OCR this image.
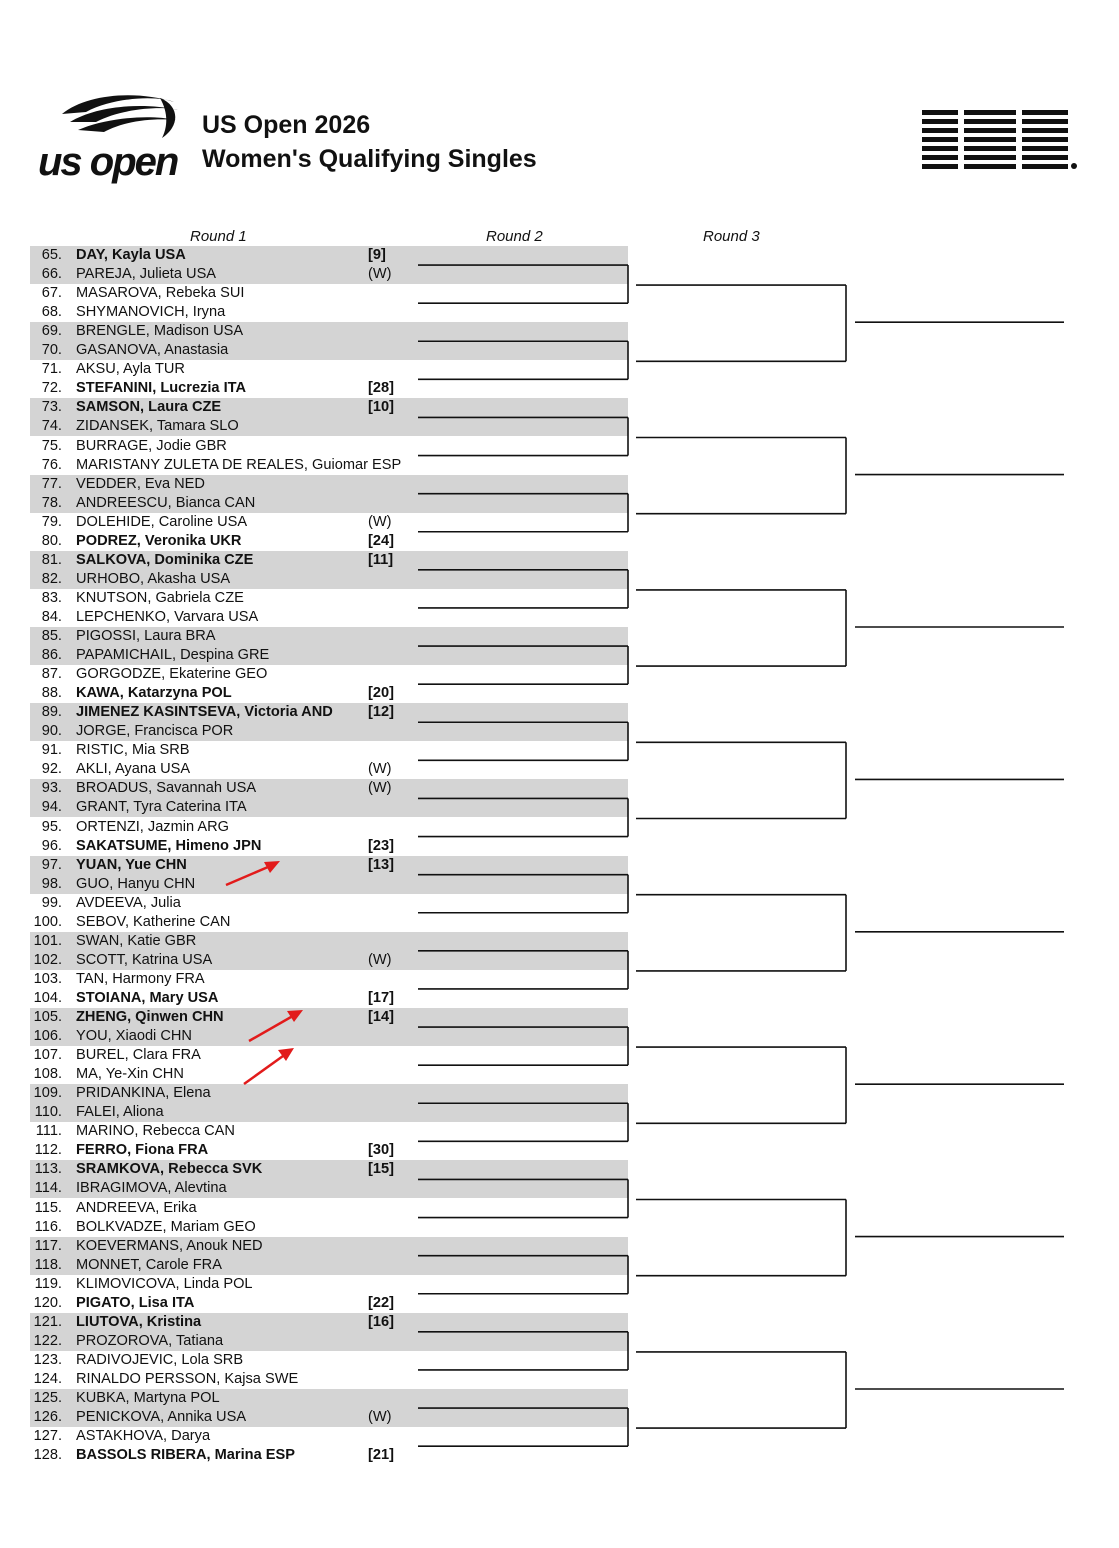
us open
US Open 2026
Women's Qualifying Singles
Round 1	Round 2	Round 3
65. DAY, Kayla USA	[9]
66. PAREJA, Julieta USA	(W)
67. MASAROVA, Rebeka SUI
68. SHYMANOVICH, Iryna
69. BRENGLE, Madison USA
70. GASANOVA, Anastasia
71. AKSU, Ayla TUR
72. STEFANINI, Lucrezia ITA	[28]
73. SAMSON, Laura CZE	[10]
74. ZIDANSEK, Tamara SLO
75. BURRAGE, Jodie GBR
76. MARISTANY ZULETA DE REALES, Guiomar ESP
77. VEDDER, Eva NED
78. ANDREESCU, Bianca CAN
79. DOLEHIDE, Caroline USA	(W)
80. PODREZ, Veronika UKR	[24]
81. SALKOVA, Dominika CZE	[11]
82. URHOBO, Akasha USA
83. KNUTSON, Gabriela CZE
84. LEPCHENKO, Varvara USA
85. PIGOSSI, Laura BRA
86. PAPAMICHAIL, Despina GRE
87. GORGODZE, Ekaterine GEO
88. KAWA, Katarzyna POL	[20]
89. JIMENEZ KASINTSEVA, Victoria AND [12]
90. JORGE, Francisca POR
91. RISTIC, Mia SRB
92. AKLI, Ayana USA	(W)
93. BROADUS, Savannah USA	(W)
94. GRANT, Tyra Caterina ITA
95. ORTENZI, Jazmin ARG
96. SAKATSUME, Himeno JPN	[23]
97. YUAN, Yue CHN	[13]
98. GUO, Hanyu CHN
99. AVDEEVA, Julia
100. SEBOV, Katherine CAN
101. SWAN, Katie GBR
102. SCOTT, Katrina USA	(W)
103. TAN, Harmony FRA
104. STOIANA, Mary USA	[17]
105. ZHENG, Qinwen CHN	[14]
106. YOU, Xiaodi CHN
107. BUREL, Clara FRA
108. MA, Ye-Xin CHN
109. PRIDANKINA, Elena
110. FALEI, Aliona
111. MARINO, Rebecca CAN
112. FERRO, Fiona FRA	[30]
113. SRAMKOVA, Rebecca SVK	[15]
114. IBRAGIMOVA, Alevtina
115. ANDREEVA, Erika
116. BOLKVADZE, Mariam GEO
117. KOEVERMANS, Anouk NED
118. MONNET, Carole FRA
119. KLIMOVICOVA, Linda POL
120. PIGATO, Lisa ITA	[22]
121. LIUTOVA, Kristina	[16]
122. PROZOROVA, Tatiana
123. RADIVOJEVIC, Lola SRB
124. RINALDO PERSSON, Kajsa SWE
125. KUBKA, Martyna POL
126. PENICKOVA, Annika USA	(W)
127. ASTAKHOVA, Darya
128. BASSOLS RIBERA, Marina ESP	[21]
